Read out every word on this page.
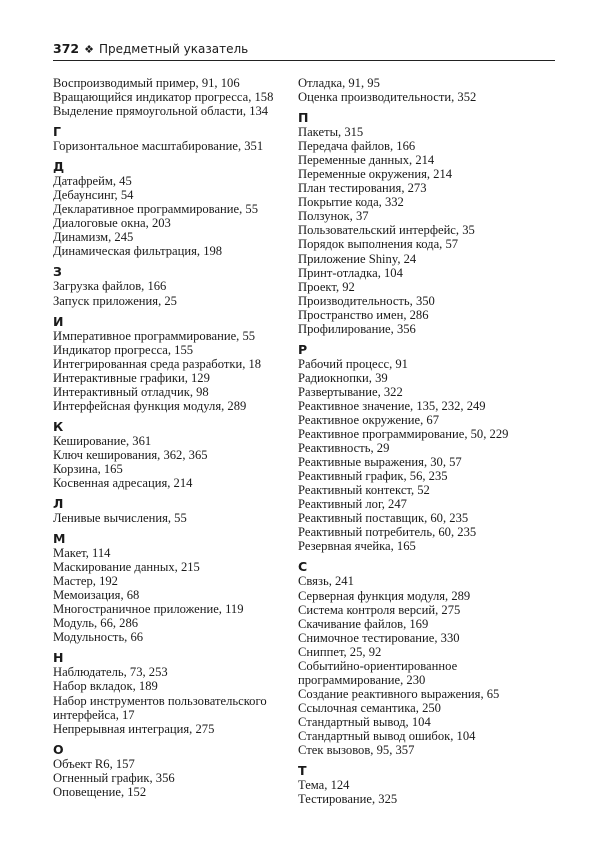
372 ❖ Предметный указатель
Воспроизводимый пример, 91, 106
Вращающийся индикатор прогресса, 158
Выделение прямоугольной области, 134
Г
Горизонтальное масштабирование, 351
Д
Датафрейм, 45
Дебаунсинг, 54
Декларативное программирование, 55
Диалоговые окна, 203
Динамизм, 245
Динамическая фильтрация, 198
З
Загрузка файлов, 166
Запуск приложения, 25
И
Императивное программирование, 55
Индикатор прогресса, 155
Интегрированная среда разработки, 18
Интерактивные графики, 129
Интерактивный отладчик, 98
Интерфейсная функция модуля, 289
К
Кеширование, 361
Ключ кеширования, 362, 365
Корзина, 165
Косвенная адресация, 214
Л
Ленивые вычисления, 55
М
Макет, 114
Маскирование данных, 215
Мастер, 192
Мемоизация, 68
Многостраничное приложение, 119
Модуль, 66, 286
Модульность, 66
Н
Наблюдатель, 73, 253
Набор вкладок, 189
Набор инструментов пользовательского
интерфейса, 17
Непрерывная интеграция, 275
О
Объект R6, 157
Огненный график, 356
Оповещение, 152
Отладка, 91, 95
Оценка производительности, 352
П
Пакеты, 315
Передача файлов, 166
Переменные данных, 214
Переменные окружения, 214
План тестирования, 273
Покрытие кода, 332
Ползунок, 37
Пользовательский интерфейс, 35
Порядок выполнения кода, 57
Приложение Shiny, 24
Принт-отладка, 104
Проект, 92
Производительность, 350
Пространство имен, 286
Профилирование, 356
Р
Рабочий процесс, 91
Радиокнопки, 39
Развертывание, 322
Реактивное значение, 135, 232, 249
Реактивное окружение, 67
Реактивное программирование, 50, 229
Реактивность, 29
Реактивные выражения, 30, 57
Реактивный график, 56, 235
Реактивный контекст, 52
Реактивный лог, 247
Реактивный поставщик, 60, 235
Реактивный потребитель, 60, 235
Резервная ячейка, 165
С
Связь, 241
Серверная функция модуля, 289
Система контроля версий, 275
Скачивание файлов, 169
Снимочное тестирование, 330
Сниппет, 25, 92
Событийно-ориентированное
программирование, 230
Создание реактивного выражения, 65
Ссылочная семантика, 250
Стандартный вывод, 104
Стандартный вывод ошибок, 104
Стек вызовов, 95, 357
Т
Тема, 124
Тестирование, 325
